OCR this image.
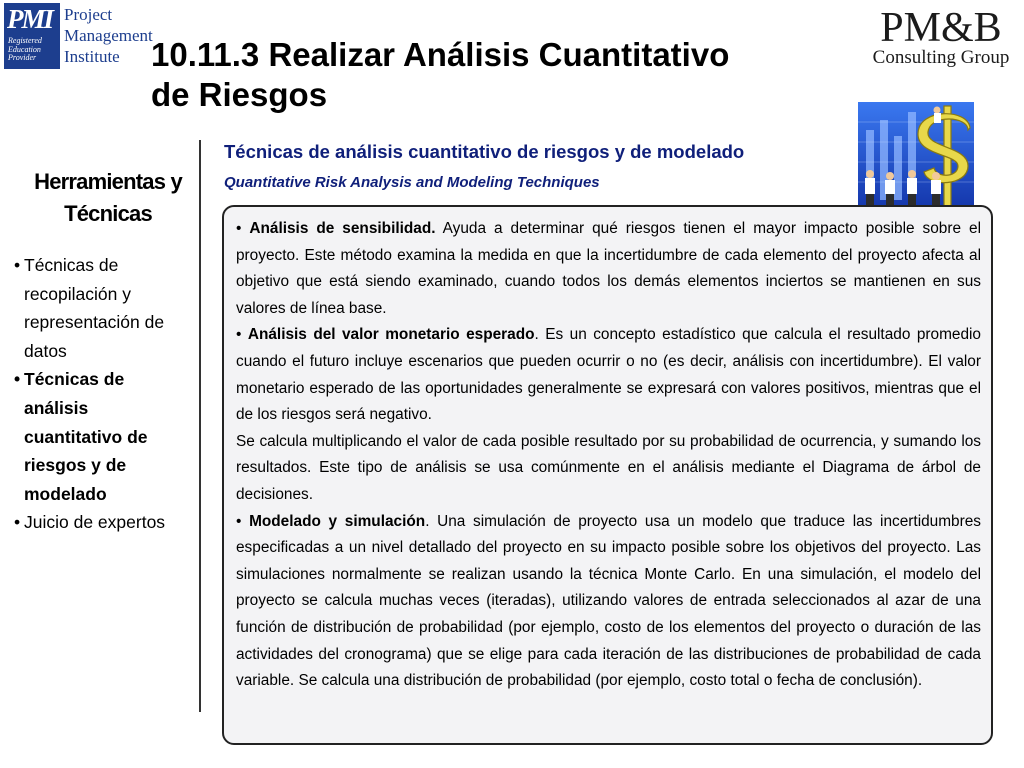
PMI
Registered
Education
Provider
Project
Management
Institute
PM&B
Consulting Group
10.11.3 Realizar Análisis Cuantitativo
de Riesgos
Herramientas y
Técnicas
• Técnicas de
recopilación y
representación de
datos
• Técnicas de
análisis
cuantitativo de
riesgos y de
modelado
• Juicio de expertos
Técnicas de análisis cuantitativo de riesgos y de modelado
Quantitative Risk Analysis and Modeling Techniques

• Análisis de sensibilidad. Ayuda a determinar qué riesgos tienen el mayor impacto posible sobre el proyecto. Este método examina la medida en que la incertidumbre de cada elemento del proyecto afecta al objetivo que está siendo examinado, cuando todos los demás elementos inciertos se mantienen en sus valores de línea base.

• Análisis del valor monetario esperado. Es un concepto estadístico que calcula el resultado promedio cuando el futuro incluye escenarios que pueden ocurrir o no (es decir, análisis con incertidumbre). El valor monetario esperado de las oportunidades generalmente se expresará con valores positivos, mientras que el de los riesgos será negativo.

Se calcula multiplicando el valor de cada posible resultado por su probabilidad de ocurrencia, y sumando los resultados. Este tipo de análisis se usa comúnmente en el análisis mediante el Diagrama de árbol de decisiones.

• Modelado y simulación. Una simulación de proyecto usa un modelo que traduce las incertidumbres especificadas a un nivel detallado del proyecto en su impacto posible sobre los objetivos del proyecto. Las simulaciones normalmente se realizan usando la técnica Monte Carlo. En una simulación, el modelo del proyecto se calcula muchas veces (iteradas), utilizando valores de entrada seleccionados al azar de una función de distribución de probabilidad (por ejemplo, costo de los elementos del proyecto o duración de las actividades del cronograma) que se elige para cada iteración de las distribuciones de probabilidad de cada variable. Se calcula una distribución de probabilidad (por ejemplo, costo total o fecha de conclusión).
